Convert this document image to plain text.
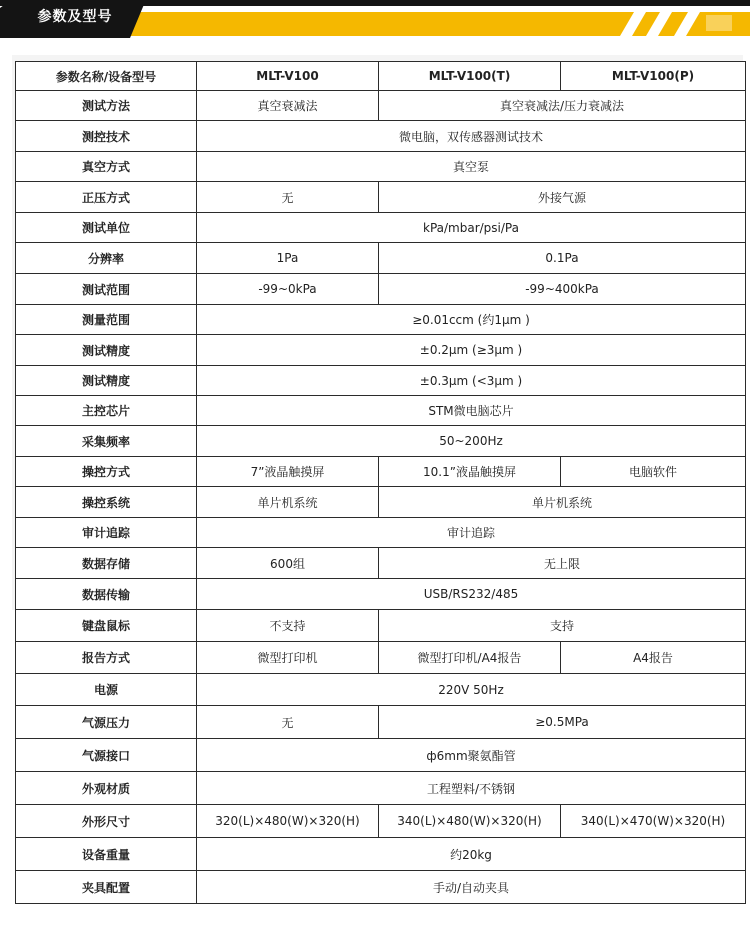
参数及型号
参数名称/设备型号	MLT-V100	MLT-V100(T)	MLT-V100(P)
测试方法	真空衰减法	真空衰减法/压力衰减法	
测控技术	微电脑，双传感器测试技术		
真空方式	真空泵		
正压方式	无	外接气源	
测试单位	kPa/mbar/psi/Pa		
分辨率	1Pa	0.1Pa	
测试范围	-99~0kPa	-99~400kPa	
测量范围	≥0.01ccm (约1μm )		
测试精度	±0.2μm (≥3μm )		
测试精度	±0.3μm (<3μm )		
主控芯片	STM微电脑芯片		
采集频率	50~200Hz		
操控方式	7”液晶触摸屏	10.1”液晶触摸屏	电脑软件
操控系统	单片机系统	单片机系统	
审计追踪	审计追踪		
数据存储	600组	无上限	
数据传输	USB/RS232/485		
键盘鼠标	不支持	支持	
报告方式	微型打印机	微型打印机/A4报告	A4报告
电源	220V 50Hz		
气源压力	无	≥0.5MPa	
气源接口	ф6mm聚氨酯管		
外观材质	工程塑料/不锈钢		
外形尺寸	320(L)×480(W)×320(H)	340(L)×480(W)×320(H)	340(L)×470(W)×320(H)
设备重量	约20kg		
夹具配置	手动/自动夹具		
